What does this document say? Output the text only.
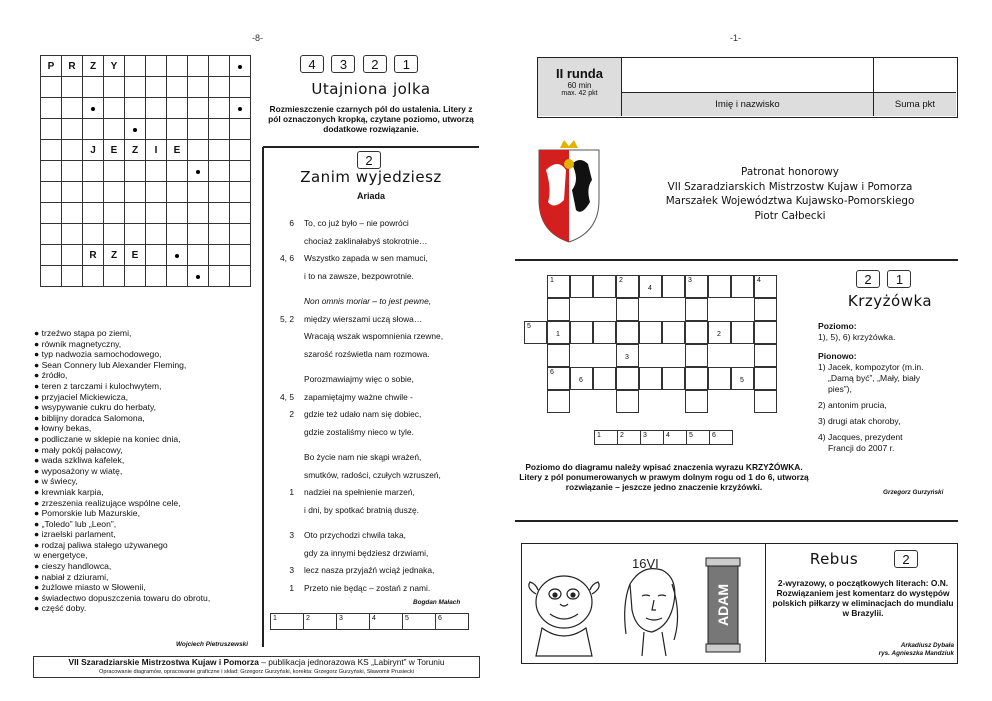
-8-
P	R	Z	Y						

		J	E	Z	I	E			

		R	Z	E					

● trzeźwo stąpa po ziemi,
● równik magnetyczny,
● typ nadwozia samochodowego,
● Sean Connery lub Alexander Fleming,
● źródło,
● teren z tarczami i kulochwytem,
● przyjaciel Mickiewicza,
● wsypywanie cukru do herbaty,
● biblijny doradca Salomona,
● łowny bekas,
● podliczane w sklepie na koniec dnia,
● mały pokój pałacowy,
● wada szkliwa kafelek,
● wyposażony w wiatę,
● w świecy,
● krewniak karpia,
● zrzeszenia realizujące wspólne cele,
● Pomorskie lub Mazurskie,
● „Toledo” lub „Leon”,
● izraelski parlament,
● rodzaj paliwa stałego używanego
w energetyce,
● cieszy handlowca,
● nabiał z dziurami,
● żużlowe miasto w Słowenii,
● świadectwo dopuszczenia towaru do obrotu,
● część doby.
Wojciech Pietruszewski
4 3 2 1
Utajniona jolka
Rozmieszczenie czarnych pól do ustalenia. Litery z pól oznaczonych kropką, czytane poziomo, utworzą dodatkowe rozwiązanie.
2
Zanim wyjedziesz
Ariada
6 To, co już było – nie powróci
chociaż zaklinałabyś stokrotnie…
4, 6 Wszystko zapada w sen mamuci,
i to na zawsze, bezpowrotnie.
Non omnis moriar – to jest pewne,
5, 2 między wierszami uczą słowa…
Wracają wszak wspomnienia rzewne,
szarość rozświetla nam rozmowa.
Porozmawiajmy więc o sobie,
4, 5 zapamiętajmy ważne chwile -
2 gdzie też udało nam się dobiec,
gdzie zostaliśmy nieco w tyle.
Bo życie nam nie skąpi wrażeń,
smutków, radości, czułych wzruszeń,
1 nadziei na spełnienie marzeń,
i dni, by spotkać bratnią duszę.
3 Oto przychodzi chwila taka,
gdy za innymi będziesz drzwiami,
3 lecz nasza przyjaźń wciąż jednaka,
1 Przeto nie będąc – zostań z nami.
Bogdan Małach
1	2	3	4	5	6
VII Szaradziarskie Mistrzostwa Kujaw i Pomorza – publikacja jednorazowa KS „Labirynt” w Toruniu
Opracowanie diagramów, opracowanie graficzne i skład: Grzegorz Gurzyński, korekta: Grzegorz Gurzyński, Sławomir Prusiecki
-1-
II runda
60 min
max. 42 pkt
Imię i nazwisko	Suma pkt
Patronat honorowy
VII Szaradziarskich Mistrzostw Kujaw i Pomorza
Marszałek Województwa Kujawsko-Pomorskiego
Piotr Całbecki
1	2
4
3	4
5
1	2
3
6
6	5
1	2	3	4	5	6
Poziomo do diagramu należy wpisać znaczenia wyrazu KRZYŻÓWKA. Litery z pól ponumerowanych w prawym dolnym rogu od 1 do 6, utworzą rozwiązanie – jeszcze jedno znaczenie krzyżówki.
2 1
Krzyżówka
Poziomo:
1), 5), 6) krzyżówka.
Pionowo:
1) Jacek, kompozytor (m.in.
„Damą być”, „Mały, biały
pies”),
2) antonim prucia,
3) drugi atak choroby,
4) Jacques, prezydent
Francji do 2007 r.
Grzegorz Gurzyński
16VI
ADAM
Rebus	2
2-wyrazowy, o początkowych literach: O.N. Rozwiązaniem jest komentarz do występów polskich piłkarzy w eliminacjach do mundialu w Brazylii.
Arkadiusz Dybała
rys. Agnieszka Mandziuk
